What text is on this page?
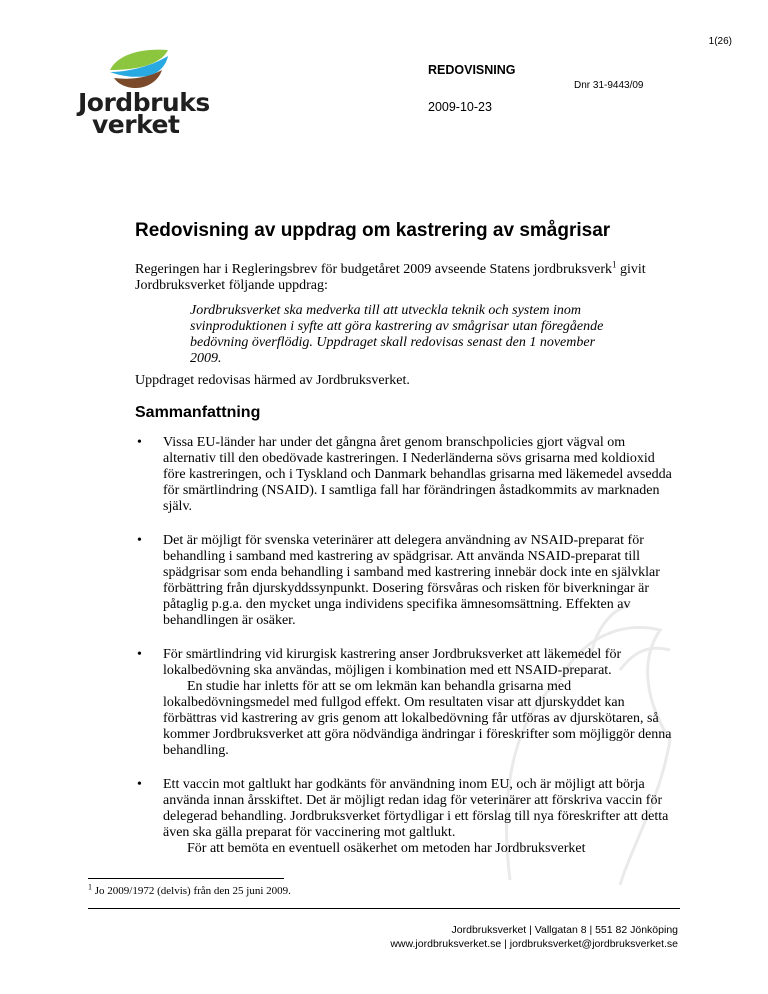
1(26)
Jordbruks
verket
REDOVISNING
Dnr 31-9443/09
2009-10-23
Redovisning av uppdrag om kastrering av smågrisar

Regeringen har i Regleringsbrev för budgetåret 2009 avseende Statens jordbruksverk$^1$ givit Jordbruksverket följande uppdrag:

Jordbruksverket ska medverka till att utveckla teknik och system inom svinproduktionen i syfte att göra kastrering av smågrisar utan föregående bedövning överflödig. Uppdraget skall redovisas senast den 1 november 2009.

Uppdraget redovisas härmed av Jordbruksverket.

Sammanfattning
• Vissa EU-länder har under det gångna året genom branschpolicies gjort vägval om alternativ till den obedövade kastreringen. I Nederländerna sövs grisarna med koldioxid före kastreringen, och i Tyskland och Danmark behandlas grisarna med läkemedel avsedda för smärtlindring (NSAID). I samtliga fall har förändringen åstadkommits av marknaden själv.
• Det är möjligt för svenska veterinärer att delegera användning av NSAID-preparat för behandling i samband med kastrering av spädgrisar. Att använda NSAID-preparat till spädgrisar som enda behandling i samband med kastrering innebär dock inte en självklar förbättring från djurskyddssynpunkt. Dosering försvåras och risken för biverkningar är påtaglig p.g.a. den mycket unga individens specifika ämnesomsättning. Effekten av behandlingen är osäker.
• För smärtlindring vid kirurgisk kastrering anser Jordbruksverket att läkemedel för lokalbedövning ska användas, möjligen i kombination med ett NSAID-preparat.
En studie har inletts för att se om lekmän kan behandla grisarna med lokalbedövningsmedel med fullgod effekt. Om resultaten visar att djurskyddet kan förbättras vid kastrering av gris genom att lokalbedövning får utföras av djurskötaren, så kommer Jordbruksverket att göra nödvändiga ändringar i föreskrifter som möjliggör denna behandling.
• Ett vaccin mot galtlukt har godkänts för användning inom EU, och är möjligt att börja använda innan årsskiftet. Det är möjligt redan idag för veterinärer att förskriva vaccin för delegerad behandling. Jordbruksverket förtydligar i ett förslag till nya föreskrifter att detta även ska gälla preparat för vaccinering mot galtlukt.
För att bemöta en eventuell osäkerhet om metoden har Jordbruksverket
$^1$ Jo 2009/1972 (delvis) från den 25 juni 2009.
Jordbruksverket | Vallgatan 8 | 551 82 Jönköping
www.jordbruksverket.se | jordbruksverket@jordbruksverket.se
